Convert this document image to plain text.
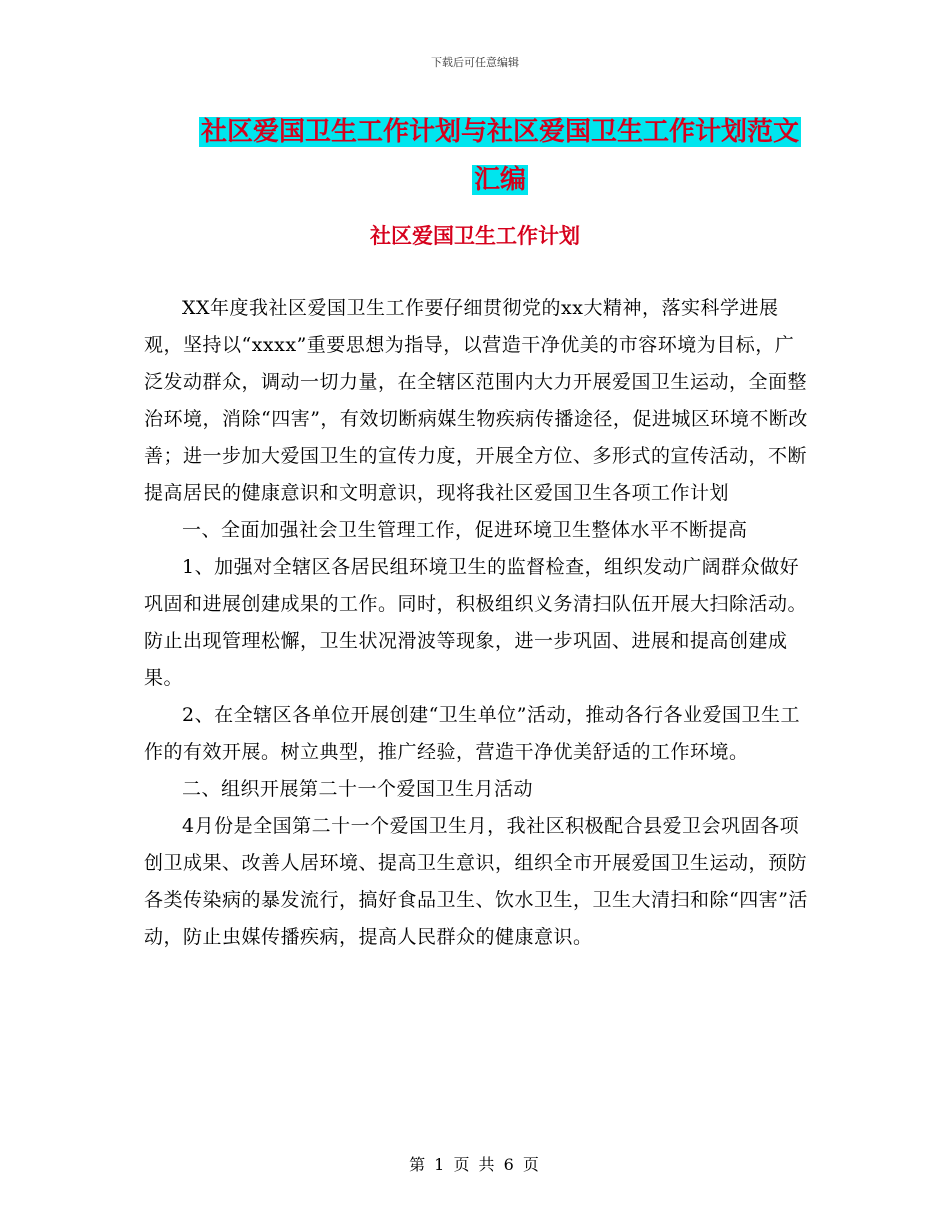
下载后可任意编辑
社区爱国卫生工作计划与社区爱国卫生工作计划范文
汇编
社区爱国卫生工作计划

XX年度我社区爱国卫生工作要仔细贯彻党的xx大精神，落实科学进展观，坚持以“xxxx”重要思想为指导，以营造干净优美的市容环境为目标，广泛发动群众，调动一切力量，在全辖区范围内大力开展爱国卫生运动，全面整治环境，消除“四害”，有效切断病媒生物疾病传播途径，促进城区环境不断改善；进一步加大爱国卫生的宣传力度，开展全方位、多形式的宣传活动，不断提高居民的健康意识和文明意识，现将我社区爱国卫生各项工作计划

一、全面加强社会卫生管理工作，促进环境卫生整体水平不断提高

1、加强对全辖区各居民组环境卫生的监督检查，组织发动广阔群众做好巩固和进展创建成果的工作。同时，积极组织义务清扫队伍开展大扫除活动。防止出现管理松懈，卫生状况滑波等现象，进一步巩固、进展和提高创建成果。

2、在全辖区各单位开展创建“卫生单位”活动，推动各行各业爱国卫生工作的有效开展。树立典型，推广经验，营造干净优美舒适的工作环境。

二、组织开展第二十一个爱国卫生月活动

4月份是全国第二十一个爱国卫生月，我社区积极配合县爱卫会巩固各项创卫成果、改善人居环境、提高卫生意识，组织全市开展爱国卫生运动，预防各类传染病的暴发流行，搞好食品卫生、饮水卫生，卫生大清扫和除“四害”活动，防止虫媒传播疾病，提高人民群众的健康意识。

第 1 页 共 6 页
